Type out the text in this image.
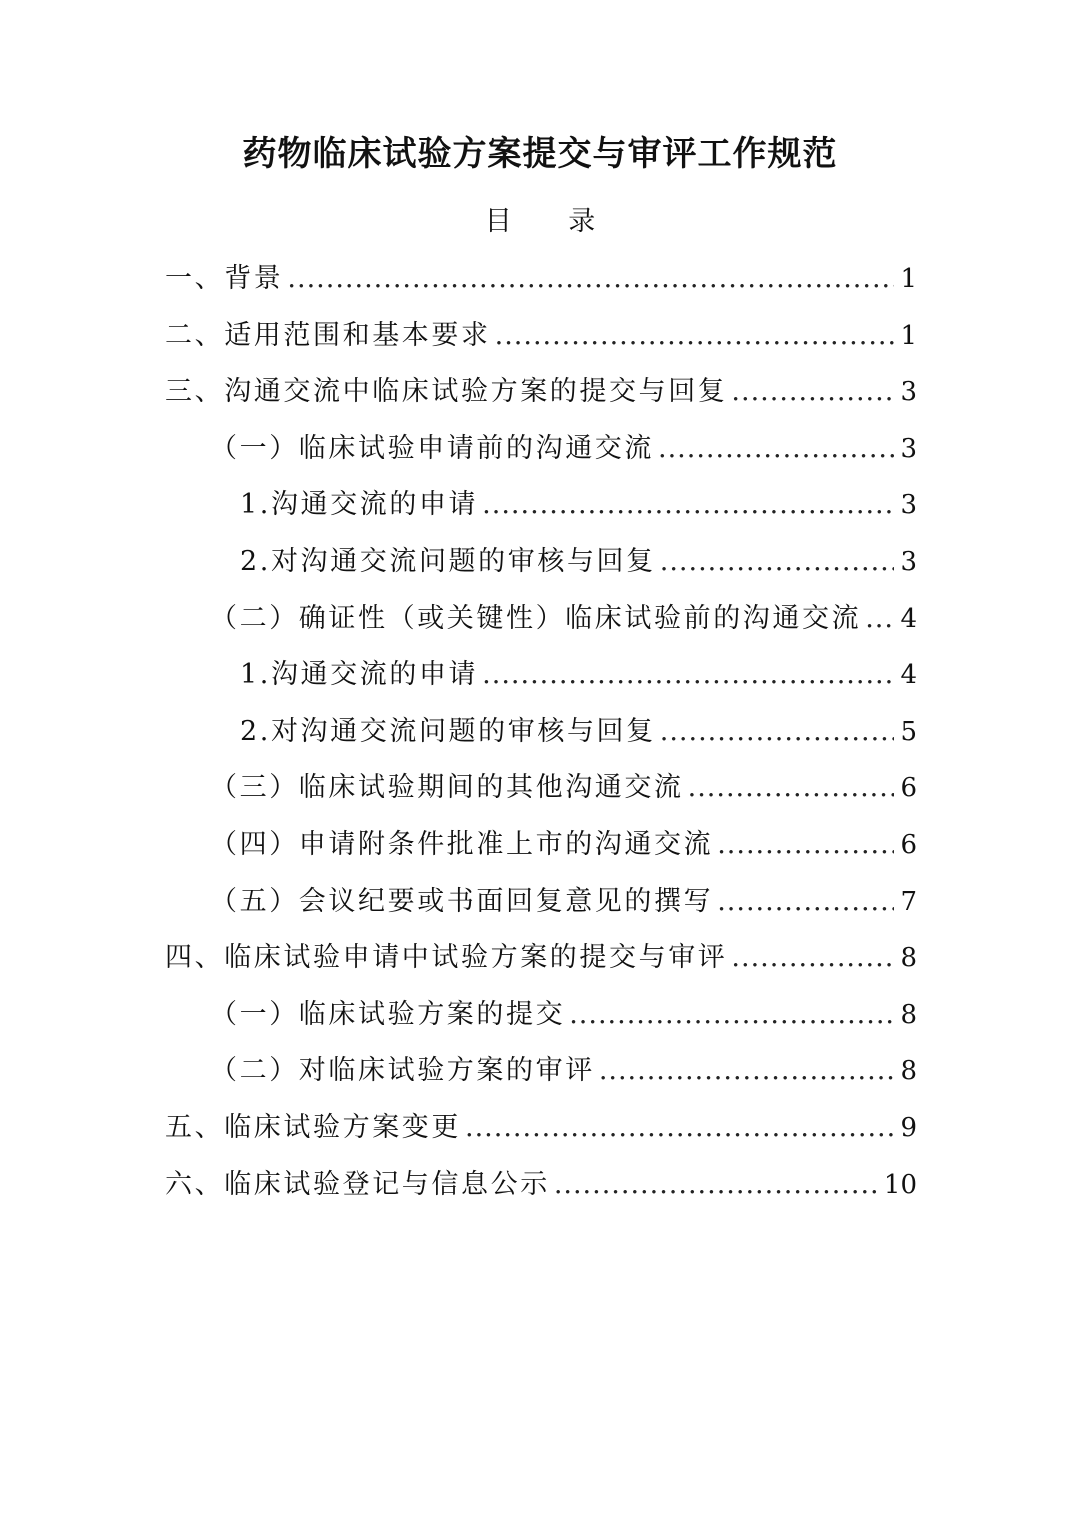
药物临床试验方案提交与审评工作规范
目 录
一、背景 .....	1
二、适用范围和基本要求 .....	1
三、沟通交流中临床试验方案的提交与回复 .....	3
（一）临床试验申请前的沟通交流 .....	3
1.沟通交流的申请 .....	3
2.对沟通交流问题的审核与回复 .....	3
（二）确证性（或关键性）临床试验前的沟通交流 ..... 4
1.沟通交流的申请 .....	4
2.对沟通交流问题的审核与回复 .....	5
（三）临床试验期间的其他沟通交流 .....	6
（四）申请附条件批准上市的沟通交流 .....	6
（五）会议纪要或书面回复意见的撰写 .....	7
四、临床试验申请中试验方案的提交与审评 .....	8
（一）临床试验方案的提交 .....	8
（二）对临床试验方案的审评 .....	8
五、临床试验方案变更 .....	9
六、临床试验登记与信息公示 .....	10
